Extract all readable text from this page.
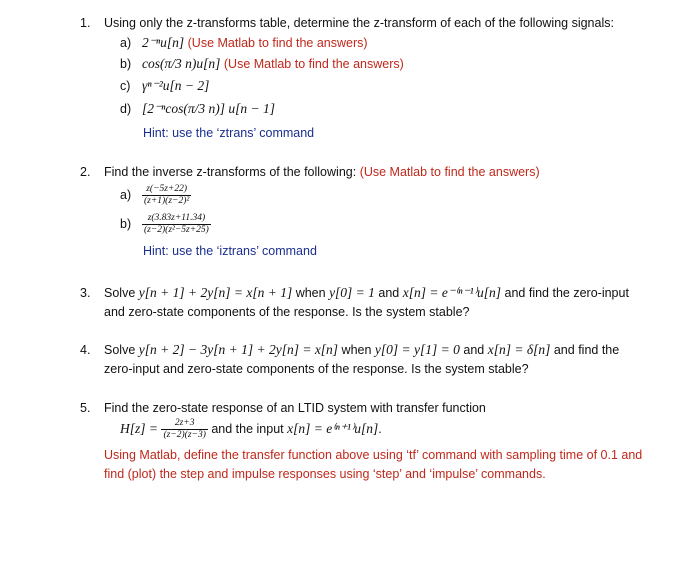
1. Using only the z-transforms table, determine the z-transform of each of the following signals:
a) 2⁻ⁿu[n] (Use Matlab to find the answers)
b) cos(π/3 n)u[n] (Use Matlab to find the answers)
c) γⁿ⁻²u[n − 2]
d) [2⁻ⁿcos(π/3 n)] u[n − 1]
Hint: use the ‘ztrans’ command
2. Find the inverse z-transforms of the following: (Use Matlab to find the answers)
$a) \frac{z(-5z+22)}{\text{(z+1)(z−2)²}}$
$b) \frac{z(3.83z+11.34)}{\text{(z−2)(z²−5z+25)}}$
Hint: use the ‘iztrans’ command
3. Solve y[n + 1] + 2y[n] = x[n + 1] when y[0] = 1 and x[n] = e⁻⁽ⁿ⁻¹⁾u[n] and find the zero-input
and zero-state components of the response. Is the system stable?
4. Solve y[n + 2] − 3y[n + 1] + 2y[n] = x[n] when y[0] = y[1] = 0 and x[n] = δ[n] and find the
zero-input and zero-state components of the response. Is the system stable?
5. Find the zero-state response of an LTID system with transfer function
$H[z] = \frac{2z+3}{(z-2)(z-3)}$ and the input x[n] = e⁽ⁿ⁺¹⁾u[n].
Using Matlab, define the transfer function above using ‘tf’ command with sampling time of 0.1 and
find (plot) the step and impulse responses using ‘step’ and ‘impulse’ commands.
